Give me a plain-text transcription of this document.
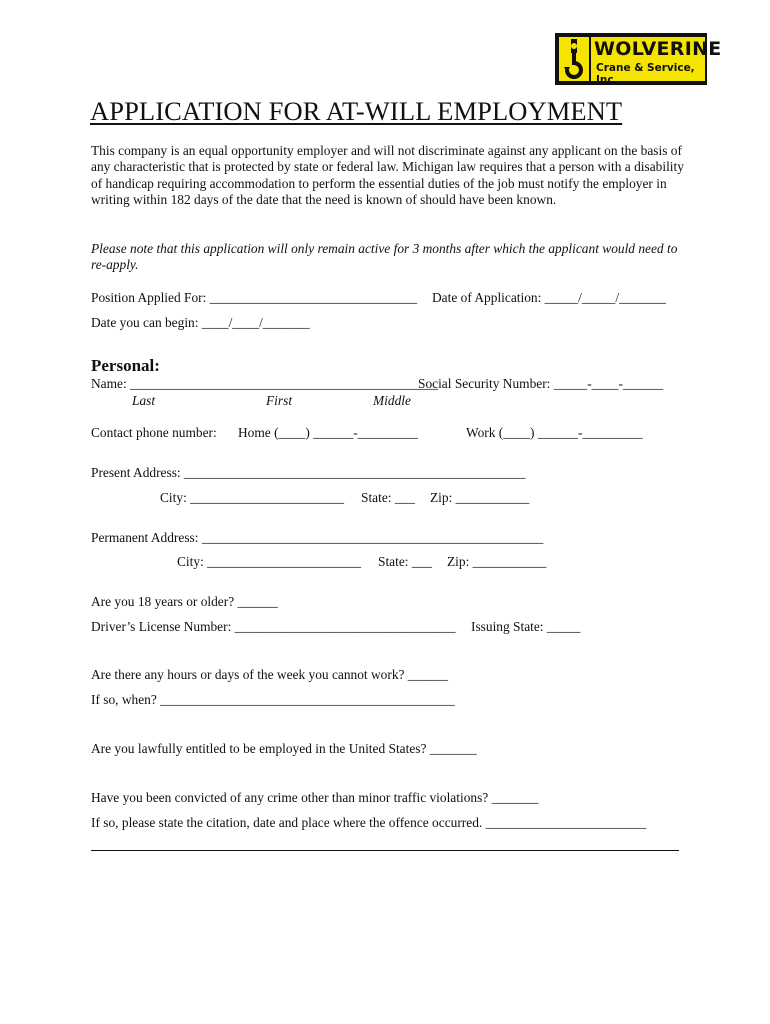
WOLVERINE
Crane & Service, Inc.
APPLICATION FOR AT-WILL EMPLOYMENT
This company is an equal opportunity employer and will not discriminate against any applicant on the basis of any characteristic that is protected by state or federal law. Michigan law requires that a person with a disability of handicap requiring accommodation to perform the essential duties of the job must notify the employer in writing within 182 days of the date that the need is known of should have been known.
Please note that this application will only remain active for 3 months after which the applicant would need to re-apply.
Position Applied For: _______________________________ Date of Application: _____/_____/_______
Date you can begin: ____/____/_______
Personal:
Name: ______________________________________________
Social Security Number: _____-____-______
Last	First	Middle
Contact phone number: Home (____) ______-_________	Work (____) ______-_________
Present Address: ___________________________________________________
City: _______________________ State: ___ Zip: ___________
Permanent Address: ___________________________________________________
City: _______________________ State: ___ Zip: ___________
Are you 18 years or older? ______
Driver’s License Number: _________________________________ Issuing State: _____
Are there any hours or days of the week you cannot work? ______
If so, when? ____________________________________________
Are you lawfully entitled to be employed in the United States? _______
Have you been convicted of any crime other than minor traffic violations? _______
If so, please state the citation, date and place where the offence occurred. ________________________
